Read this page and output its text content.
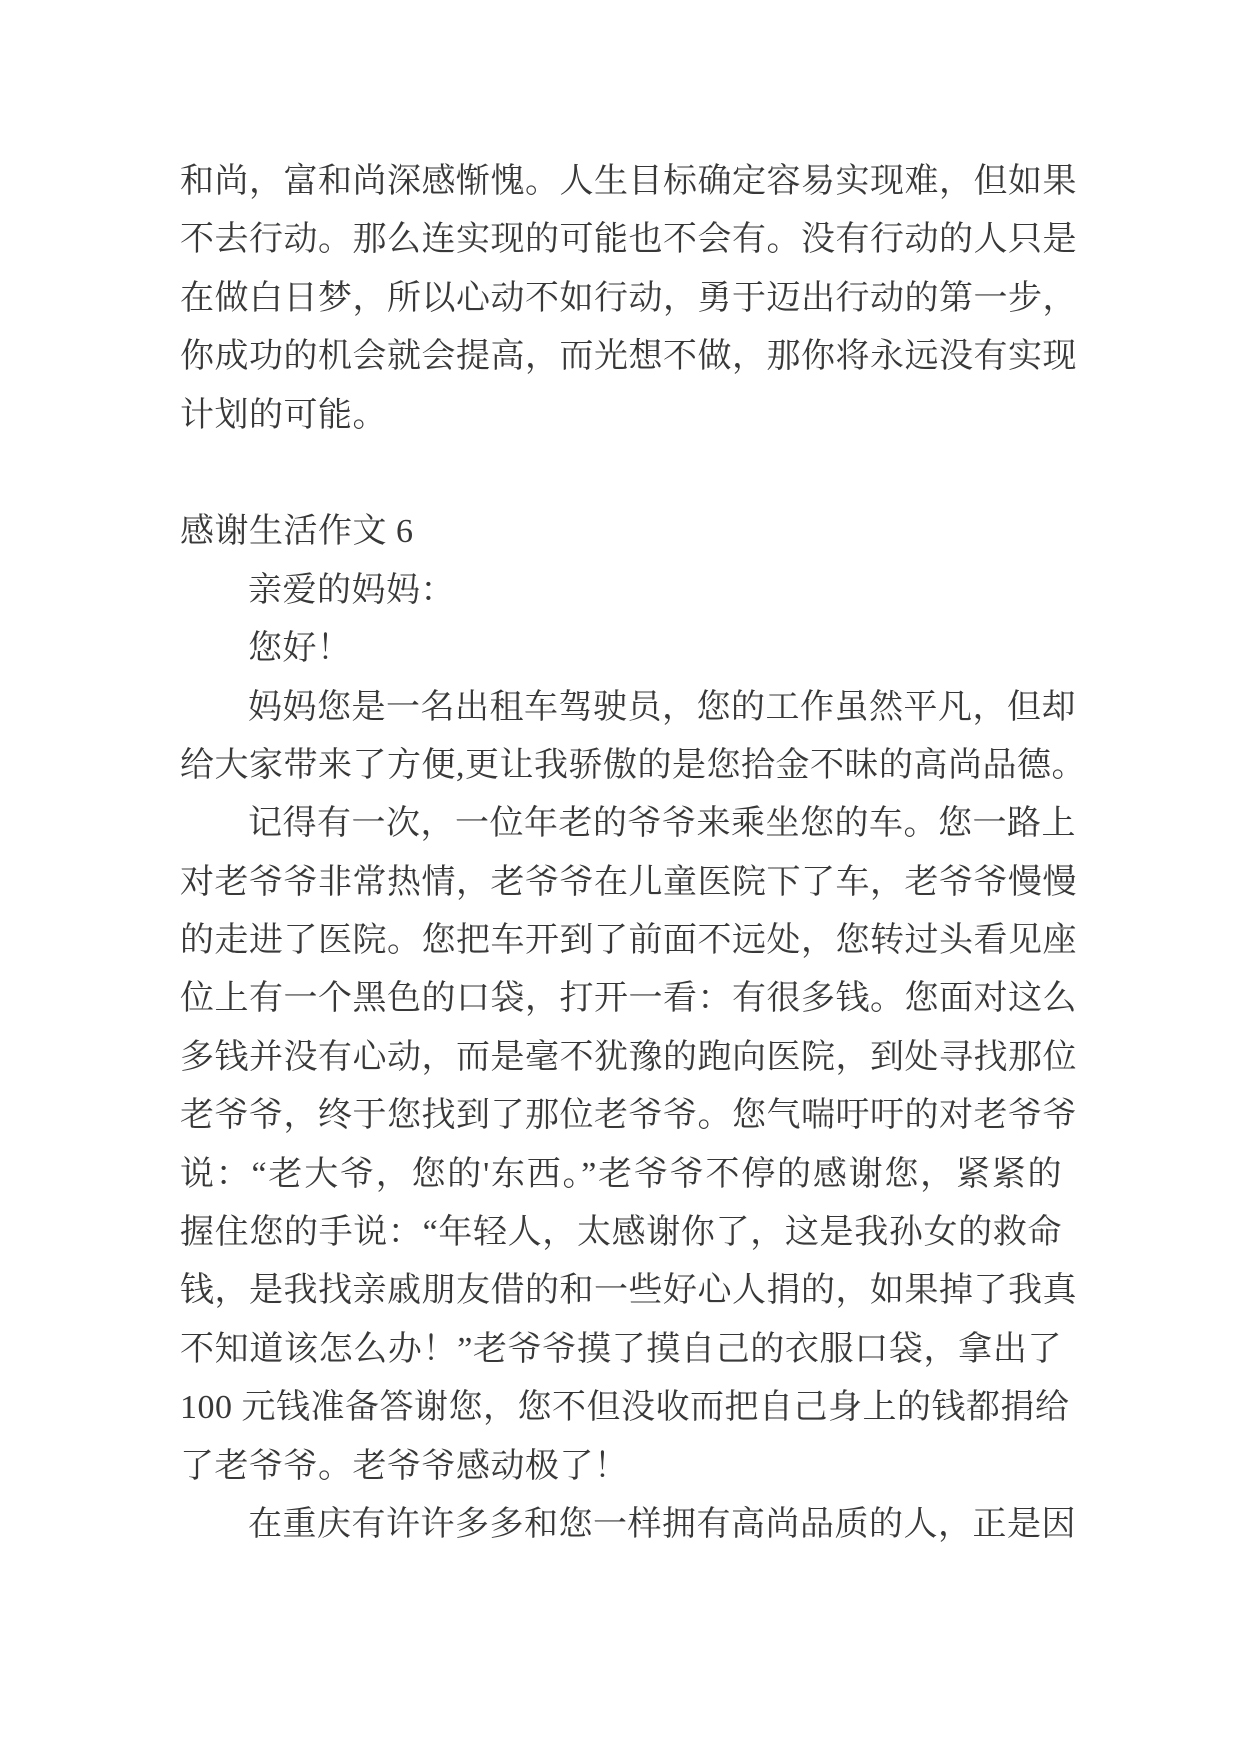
和尚，富和尚深感惭愧。人生目标确定容易实现难，但如果
不去行动。那么连实现的可能也不会有。没有行动的人只是
在做白日梦，所以心动不如行动，勇于迈出行动的第一步，
你成功的机会就会提高，而光想不做，那你将永远没有实现
计划的可能。
感谢生活作文 6
亲爱的妈妈：
您好！
妈妈您是一名出租车驾驶员，您的工作虽然平凡，但却
给大家带来了方便,更让我骄傲的是您拾金不昧的高尚品德。
记得有一次，一位年老的爷爷来乘坐您的车。您一路上
对老爷爷非常热情，老爷爷在儿童医院下了车，老爷爷慢慢
的走进了医院。您把车开到了前面不远处，您转过头看见座
位上有一个黑色的口袋，打开一看：有很多钱。您面对这么
多钱并没有心动，而是毫不犹豫的跑向医院，到处寻找那位
老爷爷，终于您找到了那位老爷爷。您气喘吁吁的对老爷爷
说：“老大爷，您的'东西。”老爷爷不停的感谢您，紧紧的
握住您的手说：“年轻人，太感谢你了，这是我孙女的救命
钱，是我找亲戚朋友借的和一些好心人捐的，如果掉了我真
不知道该怎么办！”老爷爷摸了摸自己的衣服口袋，拿出了
100 元钱准备答谢您，您不但没收而把自己身上的钱都捐给
了老爷爷。老爷爷感动极了！
在重庆有许许多多和您一样拥有高尚品质的人，正是因
